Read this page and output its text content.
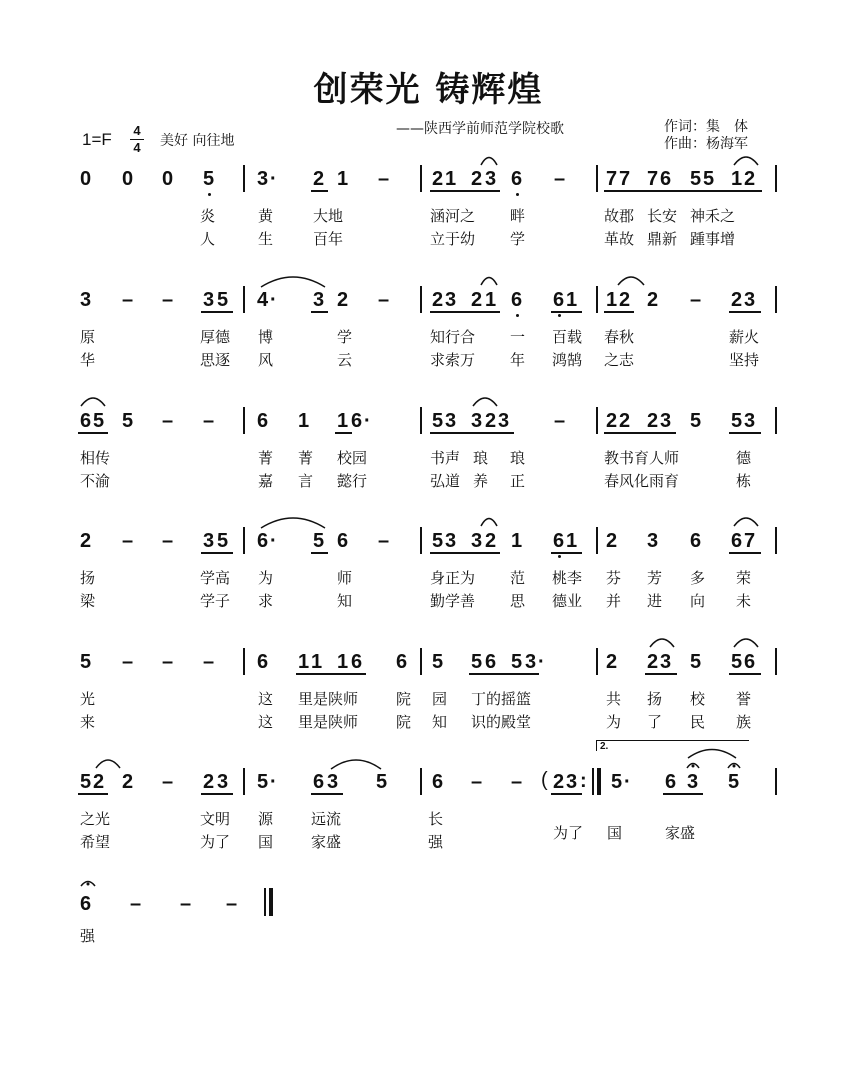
创荣光 铸辉煌
1=F 4
4 美好 向往地
——陕西学前师范学院校歌	作词：集　体
作曲：杨海军
0 0 0 5 3 · 2 1 – 2 1 2 3 6 – 7 7 7 6 5 5 1 2
炎	黄	大地	涵河之 畔	故郡 长安 神禾之
人	生	百年	立于幼 学	革故 鼎新 踵事增
3 – – 3 5 4 · 3 2 – 2 3 2 1 6 6 1 1 2 2 – 2 3
原	厚德 博	学	知行合 一 百载 春秋	薪火
华	思逐 风	云	求索万 年 鸿鹄 之志	坚持
6 5 5 – – 6 1 1 6 ·	5 3 3 2 3 – 2 2 2 3 5 5 3
相传	菁 菁 校园	书声 琅 琅	教书育人师	德
不渝	嘉 言 懿行	弘道 养 正	春风化雨育	栋
2 – – 3 5 6 · 5 6 – 5 3 3 2 1 6 1 2 3 6 6 7
扬	学高 为	师	身正为 范 桃李 芬 芳 多 荣
梁	学子 求	知	勤学善 思 德业 并 进 向 未
5 – – – 6 1 1 1 6 6 5 5 6 5 3 ·	2 2 3 5 5 6
光	这 里是陕师	院 园 丁的摇篮	共 扬 校 誉
来	这 里是陕师	院 知 识的殿堂	为 了 民 族
2.
5 2 2 – 2 3 5 · 6 3 5 6 – – ( 2 3 : 5 · 6 3 5
之光	文明 源	远流	长
希望	为了 国	家盛	强	为了 国	家盛
6 – – –
强
